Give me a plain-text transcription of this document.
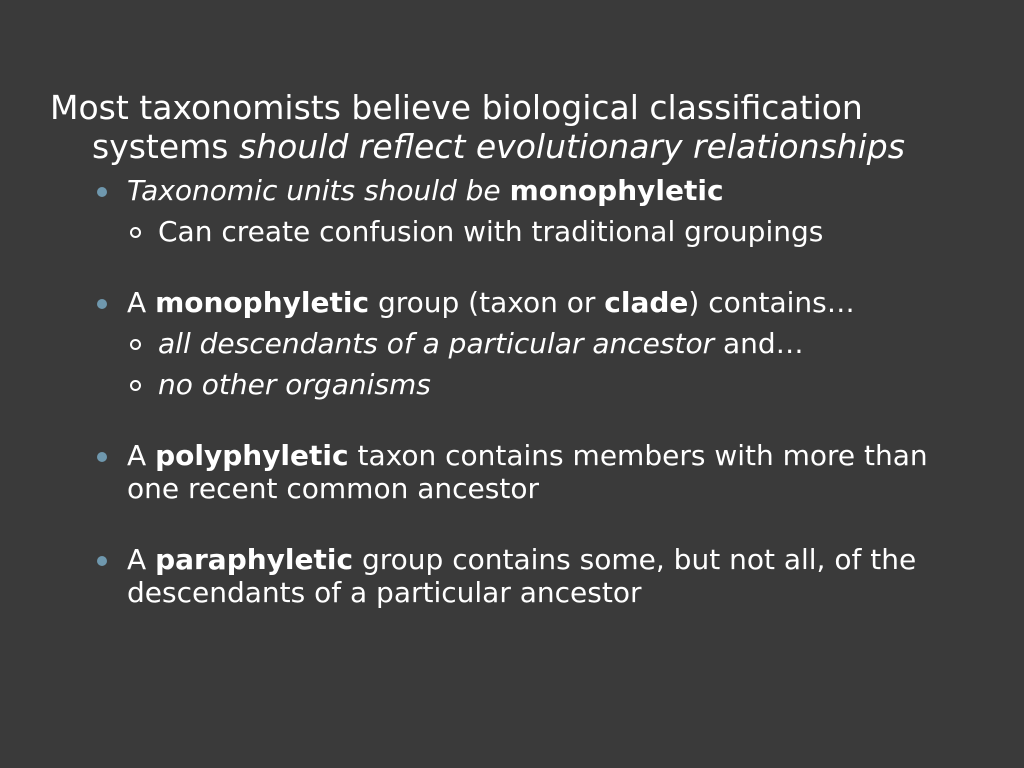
Most taxonomists believe biological classification systems should reflect evolutionary relationships

Taxonomic units should be monophyletic
Can create confusion with traditional groupings
A monophyletic group (taxon or clade) contains…
all descendants of a particular ancestor and…
no other organisms
A polyphyletic taxon contains members with more than one recent common ancestor
A paraphyletic group contains some, but not all, of the descendants of a particular ancestor
